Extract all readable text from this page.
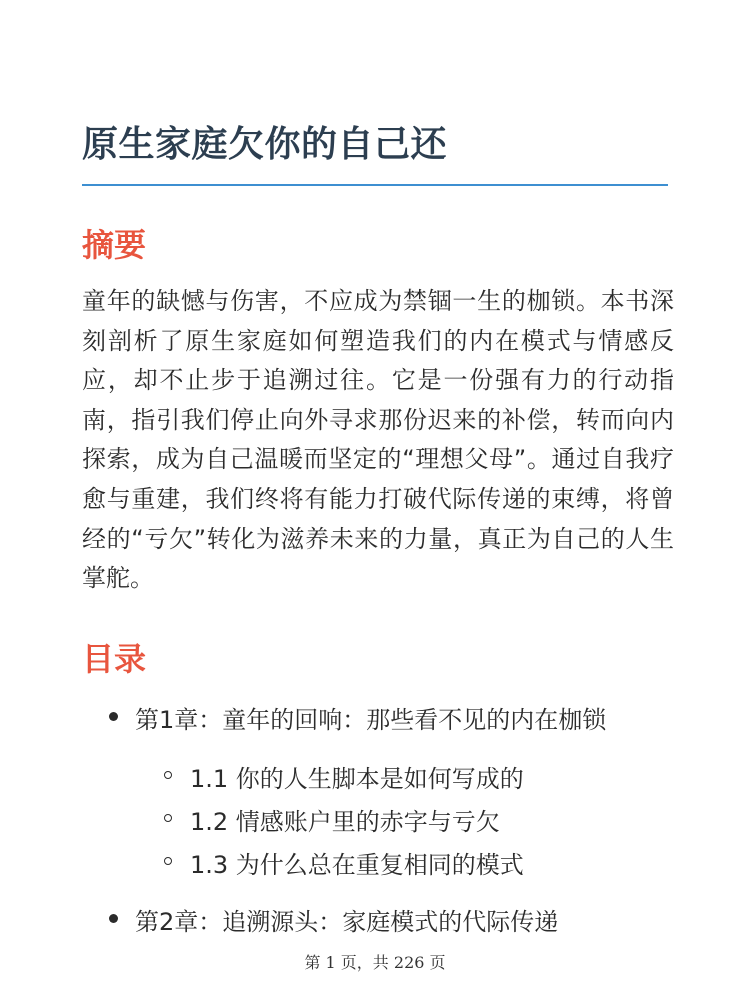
原生家庭欠你的自己还
摘要

童年的缺憾与伤害，不应成为禁锢一生的枷锁。本书深刻剖析了原生家庭如何塑造我们的内在模式与情感反应，却不止步于追溯过往。它是一份强有力的行动指南，指引我们停止向外寻求那份迟来的补偿，转而向内探索，成为自己温暖而坚定的“理想父母”。通过自我疗愈与重建，我们终将有能力打破代际传递的束缚，将曾经的“亏欠”转化为滋养未来的力量，真正为自己的人生掌舵。

目录
第1章：童年的回响：那些看不见的内在枷锁
1.1 你的人生脚本是如何写成的
1.2 情感账户里的赤字与亏欠
1.3 为什么总在重复相同的模式
第2章：追溯源头：家庭模式的代际传递
第 1 页，共 226 页
